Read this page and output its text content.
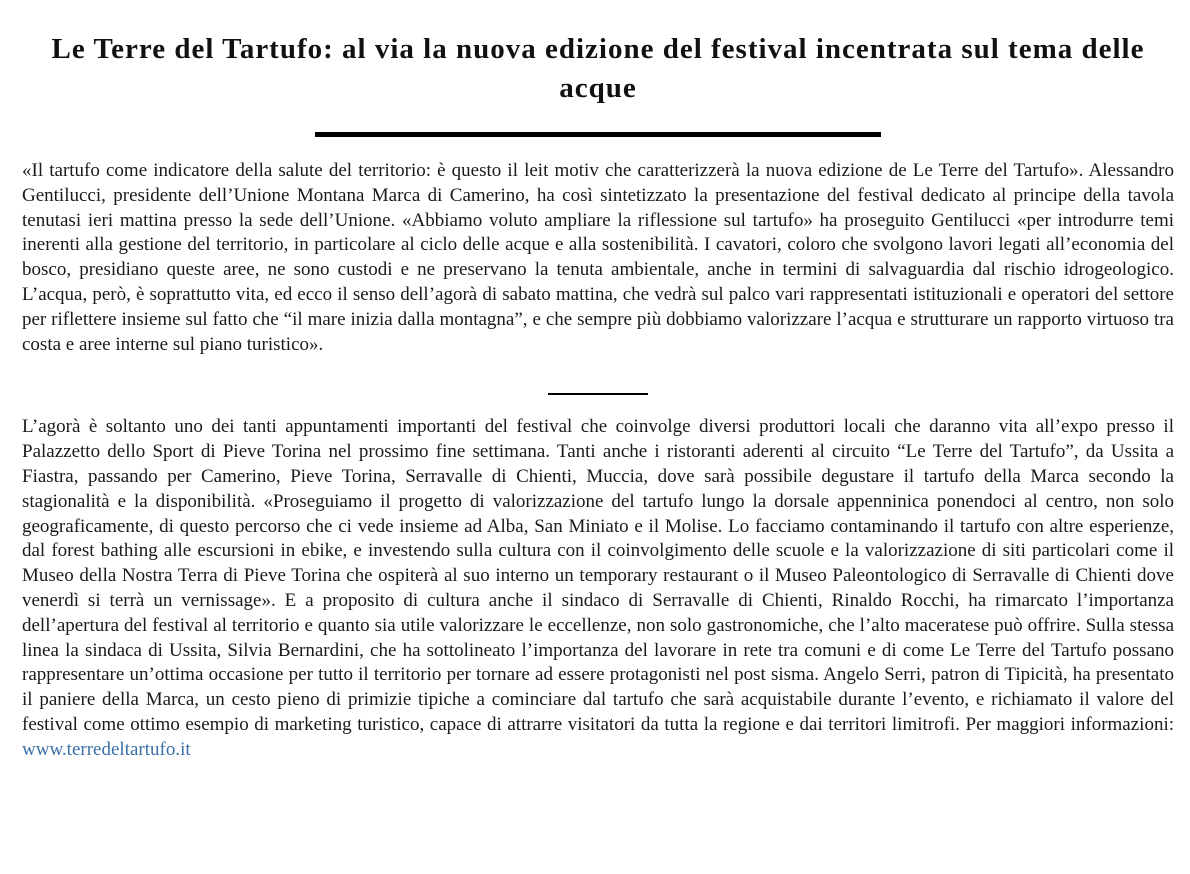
Le Terre del Tartufo: al via la nuova edizione del festival incentrata sul tema delle acque

«Il tartufo come indicatore della salute del territorio: è questo il leit motiv che caratterizzerà la nuova edizione de Le Terre del Tartufo». Alessandro Gentilucci, presidente dell’Unione Montana Marca di Camerino, ha così sintetizzato la presentazione del festival dedicato al principe della tavola tenutasi ieri mattina presso la sede dell’Unione. «Abbiamo voluto ampliare la riflessione sul tartufo» ha proseguito Gentilucci «per introdurre temi inerenti alla gestione del territorio, in particolare al ciclo delle acque e alla sostenibilità. I cavatori, coloro che svolgono lavori legati all’economia del bosco, presidiano queste aree, ne sono custodi e ne preservano la tenuta ambientale, anche in termini di salvaguardia dal rischio idrogeologico. L’acqua, però, è soprattutto vita, ed ecco il senso dell’agorà di sabato mattina, che vedrà sul palco vari rappresentati istituzionali e operatori del settore per riflettere insieme sul fatto che “il mare inizia dalla montagna”, e che sempre più dobbiamo valorizzare l’acqua e strutturare un rapporto virtuoso tra costa e aree interne sul piano turistico».

L’agorà è soltanto uno dei tanti appuntamenti importanti del festival che coinvolge diversi produttori locali che daranno vita all’expo presso il Palazzetto dello Sport di Pieve Torina nel prossimo fine settimana. Tanti anche i ristoranti aderenti al circuito “Le Terre del Tartufo”, da Ussita a Fiastra, passando per Camerino, Pieve Torina, Serravalle di Chienti, Muccia, dove sarà possibile degustare il tartufo della Marca secondo la stagionalità e la disponibilità. «Proseguiamo il progetto di valorizzazione del tartufo lungo la dorsale appenninica ponendoci al centro, non solo geograficamente, di questo percorso che ci vede insieme ad Alba, San Miniato e il Molise. Lo facciamo contaminando il tartufo con altre esperienze, dal forest bathing alle escursioni in ebike, e investendo sulla cultura con il coinvolgimento delle scuole e la valorizzazione di siti particolari come il Museo della Nostra Terra di Pieve Torina che ospiterà al suo interno un temporary restaurant o il Museo Paleontologico di Serravalle di Chienti dove venerdì si terrà un vernissage». E a proposito di cultura anche il sindaco di Serravalle di Chienti, Rinaldo Rocchi, ha rimarcato l’importanza dell’apertura del festival al territorio e quanto sia utile valorizzare le eccellenze, non solo gastronomiche, che l’alto maceratese può offrire. Sulla stessa linea la sindaca di Ussita, Silvia Bernardini, che ha sottolineato l’importanza del lavorare in rete tra comuni e di come Le Terre del Tartufo possano rappresentare un’ottima occasione per tutto il territorio per tornare ad essere protagonisti nel post sisma. Angelo Serri, patron di Tipicità, ha presentato il paniere della Marca, un cesto pieno di primizie tipiche a cominciare dal tartufo che sarà acquistabile durante l’evento, e richiamato il valore del festival come ottimo esempio di marketing turistico, capace di attrarre visitatori da tutta la regione e dai territori limitrofi. Per maggiori informazioni: www.terredeltartufo.it
